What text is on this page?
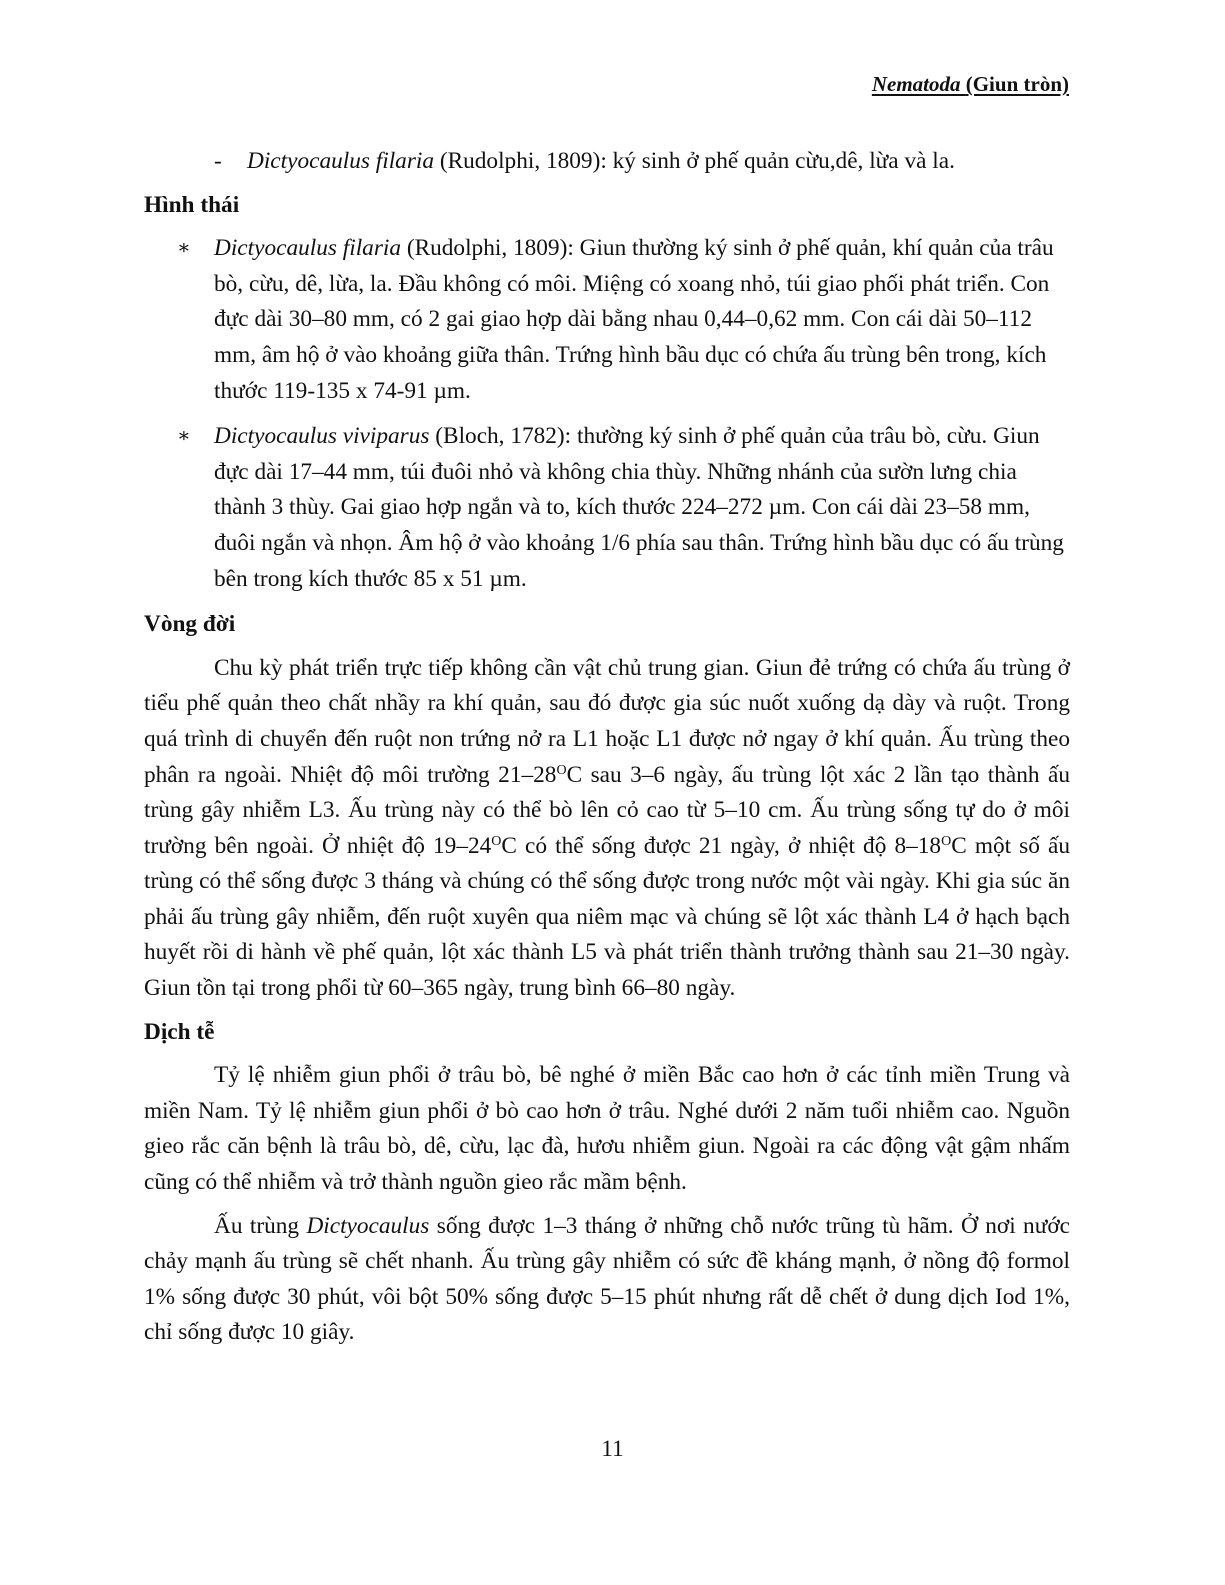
Nematoda (Giun tròn)
- Dictyocaulus filaria (Rudolphi, 1809): ký sinh ở phế quản cừu,dê, lừa và la.
Hình thái
∗ Dictyocaulus filaria (Rudolphi, 1809): Giun thường ký sinh ở phế quản, khí quản của trâu bò, cừu, dê, lừa, la. Đầu không có môi. Miệng có xoang nhỏ, túi giao phối phát triển. Con đực dài 30–80 mm, có 2 gai giao hợp dài bằng nhau 0,44–0,62 mm. Con cái dài 50–112 mm, âm hộ ở vào khoảng giữa thân. Trứng hình bầu dục có chứa ấu trùng bên trong, kích thước 119-135 x 74-91 µm.
∗ Dictyocaulus viviparus (Bloch, 1782): thường ký sinh ở phế quản của trâu bò, cừu. Giun đực dài 17–44 mm, túi đuôi nhỏ và không chia thùy. Những nhánh của sườn lưng chia thành 3 thùy. Gai giao hợp ngắn và to, kích thước 224–272 µm. Con cái dài 23–58 mm, đuôi ngắn và nhọn. Âm hộ ở vào khoảng 1/6 phía sau thân. Trứng hình bầu dục có ấu trùng bên trong kích thước 85 x 51 µm.
Vòng đời

Chu kỳ phát triển trực tiếp không cần vật chủ trung gian. Giun đẻ trứng có chứa ấu trùng ở tiểu phế quản theo chất nhầy ra khí quản, sau đó được gia súc nuốt xuống dạ dày và ruột. Trong quá trình di chuyển đến ruột non trứng nở ra L1 hoặc L1 được nở ngay ở khí quản. Ấu trùng theo phân ra ngoài. Nhiệt độ môi trường $21-28^OC$ sau 3–6 ngày, ấu trùng lột xác 2 lần tạo thành ấu trùng gây nhiễm L3. Ấu trùng này có thể bò lên cỏ cao từ 5–10 cm. Ấu trùng sống tự do ở môi trường bên ngoài. Ở nhiệt độ $19-24^OC$ có thể sống được 21 ngày, ở nhiệt độ $8-18^OC$ một số ấu trùng có thể sống được 3 tháng và chúng có thể sống được trong nước một vài ngày. Khi gia súc ăn phải ấu trùng gây nhiễm, đến ruột xuyên qua niêm mạc và chúng sẽ lột xác thành L4 ở hạch bạch huyết rồi di hành về phế quản, lột xác thành L5 và phát triển thành trưởng thành sau 21–30 ngày. Giun tồn tại trong phổi từ 60–365 ngày, trung bình 66–80 ngày.

Dịch tễ

Tỷ lệ nhiễm giun phổi ở trâu bò, bê nghé ở miền Bắc cao hơn ở các tỉnh miền Trung và miền Nam. Tỷ lệ nhiễm giun phổi ở bò cao hơn ở trâu. Nghé dưới 2 năm tuổi nhiễm cao. Nguồn gieo rắc căn bệnh là trâu bò, dê, cừu, lạc đà, hươu nhiễm giun. Ngoài ra các động vật gậm nhấm cũng có thể nhiễm và trở thành nguồn gieo rắc mầm bệnh.

Ấu trùng Dictyocaulus sống được 1–3 tháng ở những chỗ nước trũng tù hãm. Ở nơi nước chảy mạnh ấu trùng sẽ chết nhanh. Ấu trùng gây nhiễm có sức đề kháng mạnh, ở nồng độ formol 1% sống được 30 phút, vôi bột 50% sống được 5–15 phút nhưng rất dễ chết ở dung dịch Iod 1%, chỉ sống được 10 giây.

11
